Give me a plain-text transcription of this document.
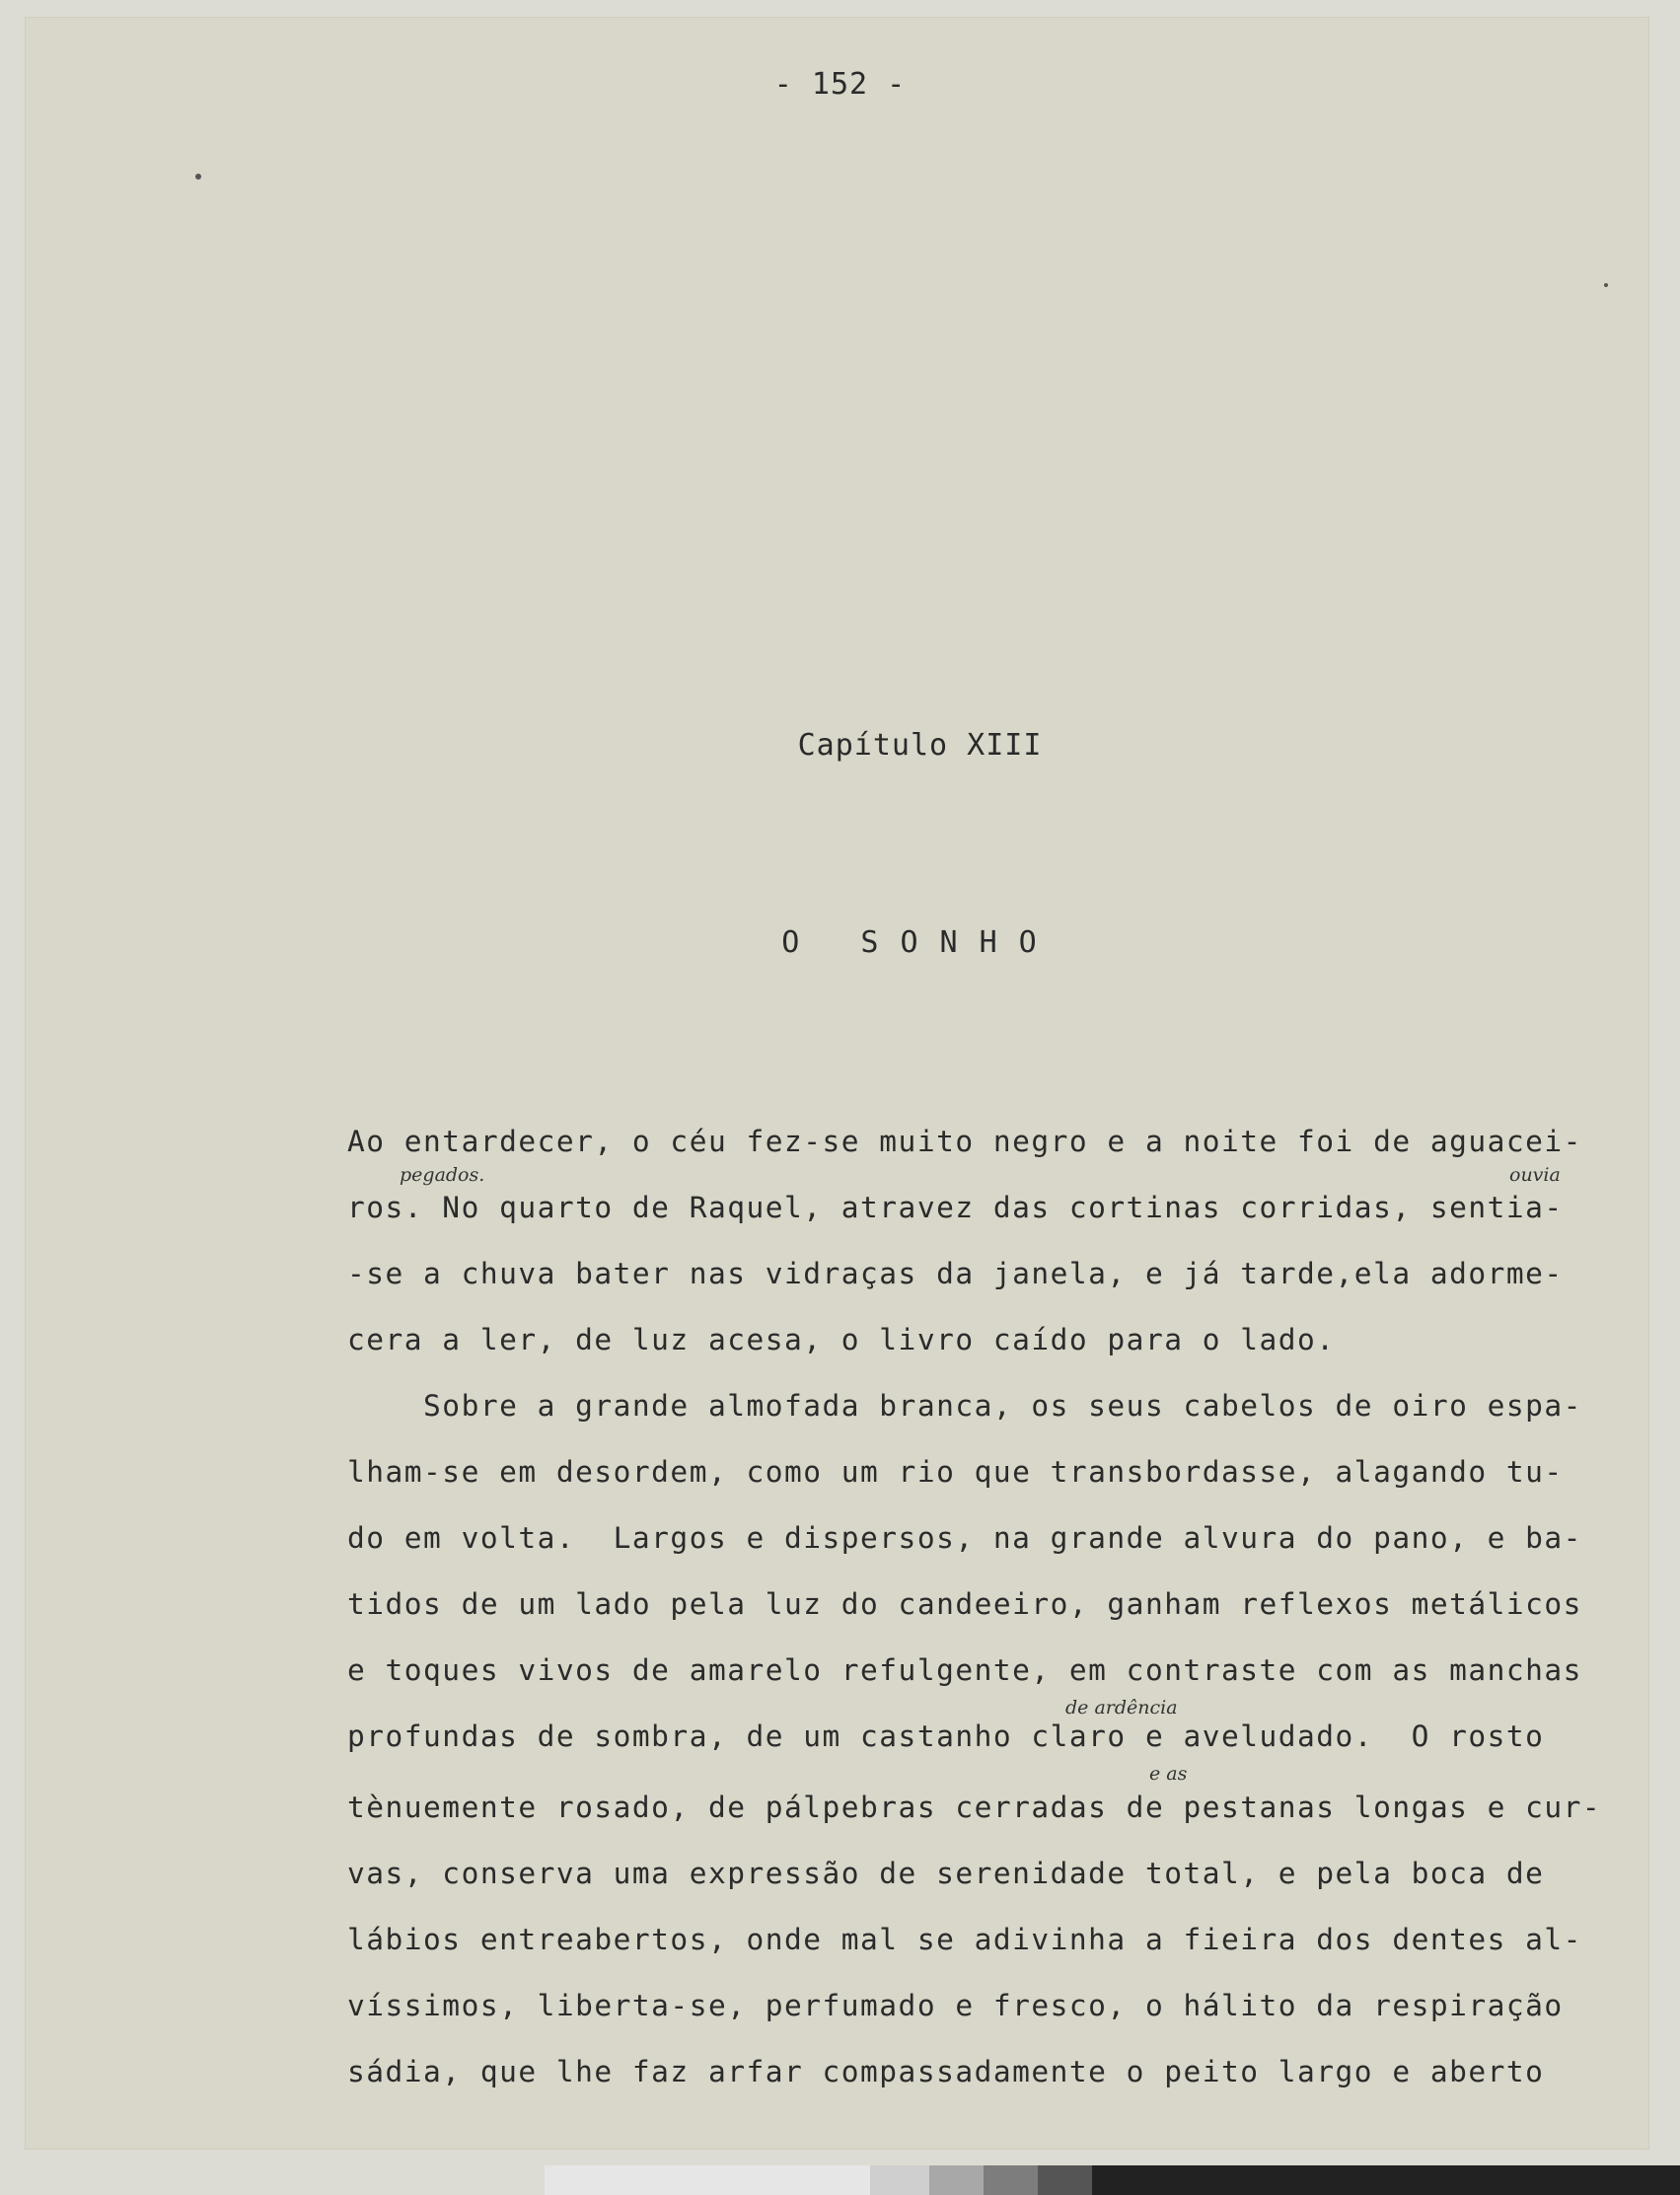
- 152 -
Capítulo XIII
O SONHO
Ao entardecer, o céu fez-se muito negro e a noite foi de aguacei-
ros. No quarto de Raquel, atravez das cortinas corridas, sentia-
-se a chuva bater nas vidraças da janela, e já tarde,ela adorme-
cera a ler, de luz acesa, o livro caído para o lado.
Sobre a grande almofada branca, os seus cabelos de oiro espa-
lham-se em desordem, como um rio que transbordasse, alagando tu-
do em volta.  Largos e dispersos, na grande alvura do pano, e ba-
tidos de um lado pela luz do candeeiro, ganham reflexos metálicos
e toques vivos de amarelo refulgente, em contraste com as manchas
profundas de sombra, de um castanho claro e aveludado.  O rosto
tènuemente rosado, de pálpebras cerradas de pestanas longas e cur-
vas, conserva uma expressão de serenidade total, e pela boca de
lábios entreabertos, onde mal se adivinha a fieira dos dentes al-
víssimos, liberta-se, perfumado e fresco, o hálito da respiração
sádia, que lhe faz arfar compassadamente o peito largo e aberto
pegados.	ouvia
de ardência
e as
